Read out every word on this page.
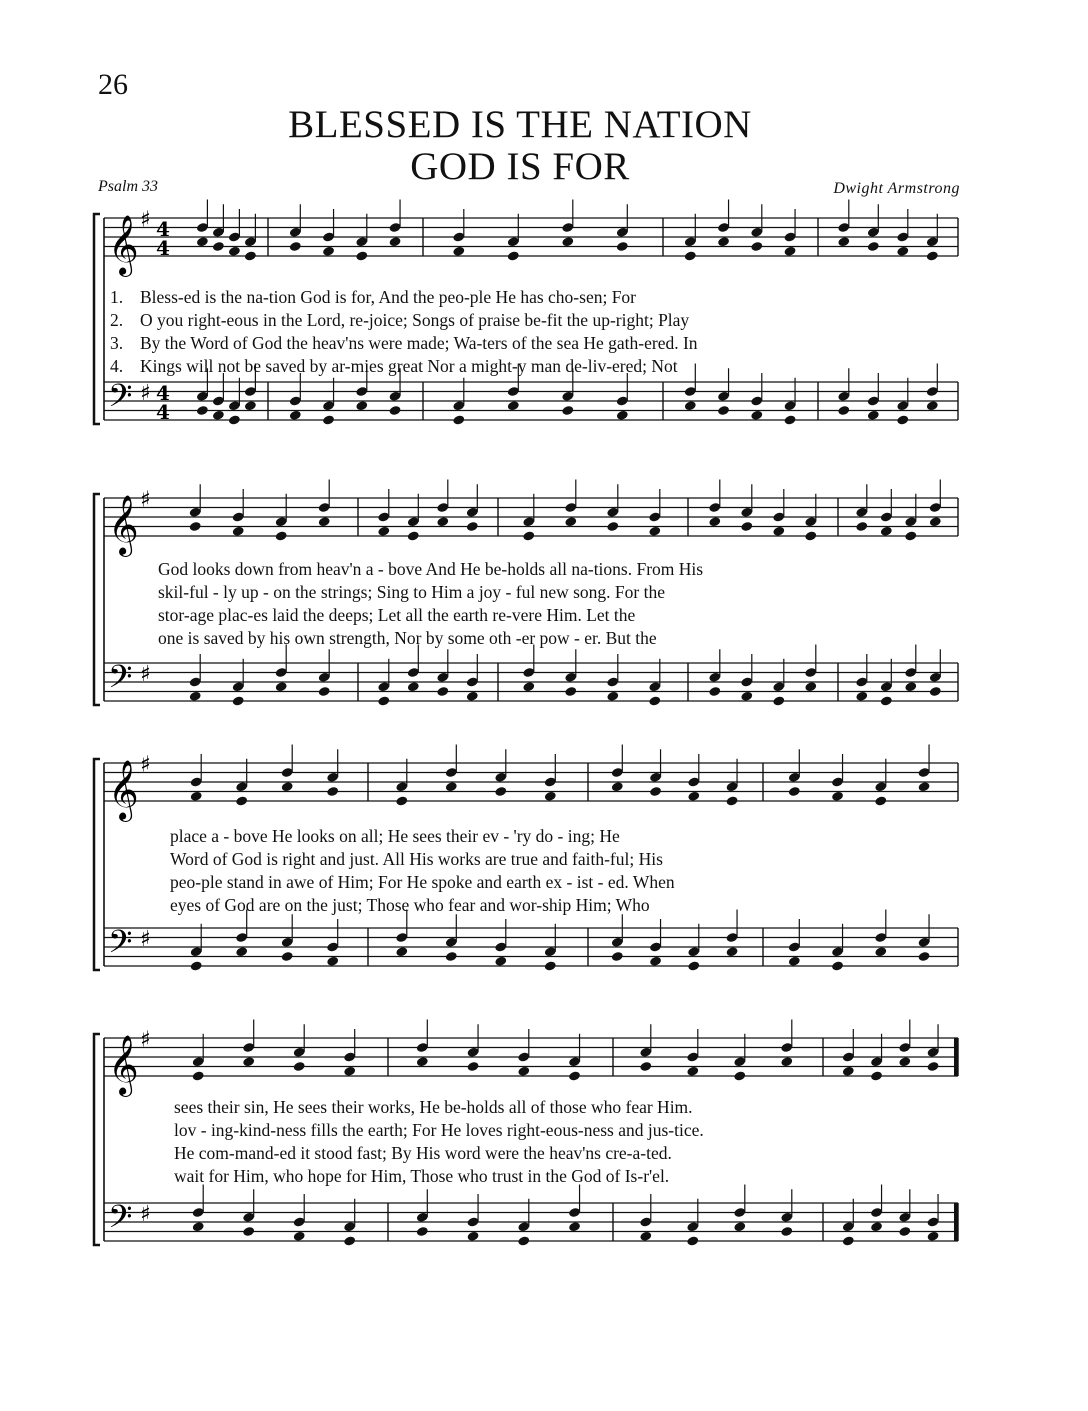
26
BLESSED IS THE NATION
GOD IS FOR
Psalm 33	Dwight Armstrong
𝄞 ♯ 4
4
𝄢 ♯ 4
4
1. Bless-ed is the na-tion God is for, And the peo-ple He has cho-sen; For
2. O you right-eous in the Lord, re-joice; Songs of praise be-fit the up-right; Play
3. By the Word of God the heav'ns were made; Wa-ters of the sea He gath-ered. In
4. Kings will not be saved by ar-mies great Nor a might-y man de-liv-ered; Not
𝄞 ♯
𝄢 ♯
God looks down from heav'n a - bove And He be-holds all na-tions. From His
skil-ful - ly up - on the strings; Sing to Him a joy - ful new song. For the
stor-age plac-es laid the deeps; Let all the earth re-vere Him. Let the
one is saved by his own strength, Nor by some oth -er pow - er. But the
𝄞 ♯
𝄢 ♯
place a - bove He looks on all; He sees their ev - 'ry do - ing; He
Word of God is right and just. All His works are true and faith-ful; His
peo-ple stand in awe of Him; For He spoke and earth ex - ist - ed. When
eyes of God are on the just; Those who fear and wor-ship Him; Who
𝄞 ♯
𝄢 ♯
sees their sin, He sees their works, He be-holds all of those who fear Him.
lov - ing-kind-ness fills the earth; For He loves right-eous-ness and jus-tice.
He com-mand-ed it stood fast; By His word were the heav'ns cre-a-ted.
wait for Him, who hope for Him, Those who trust in the God of Is-r'el.
